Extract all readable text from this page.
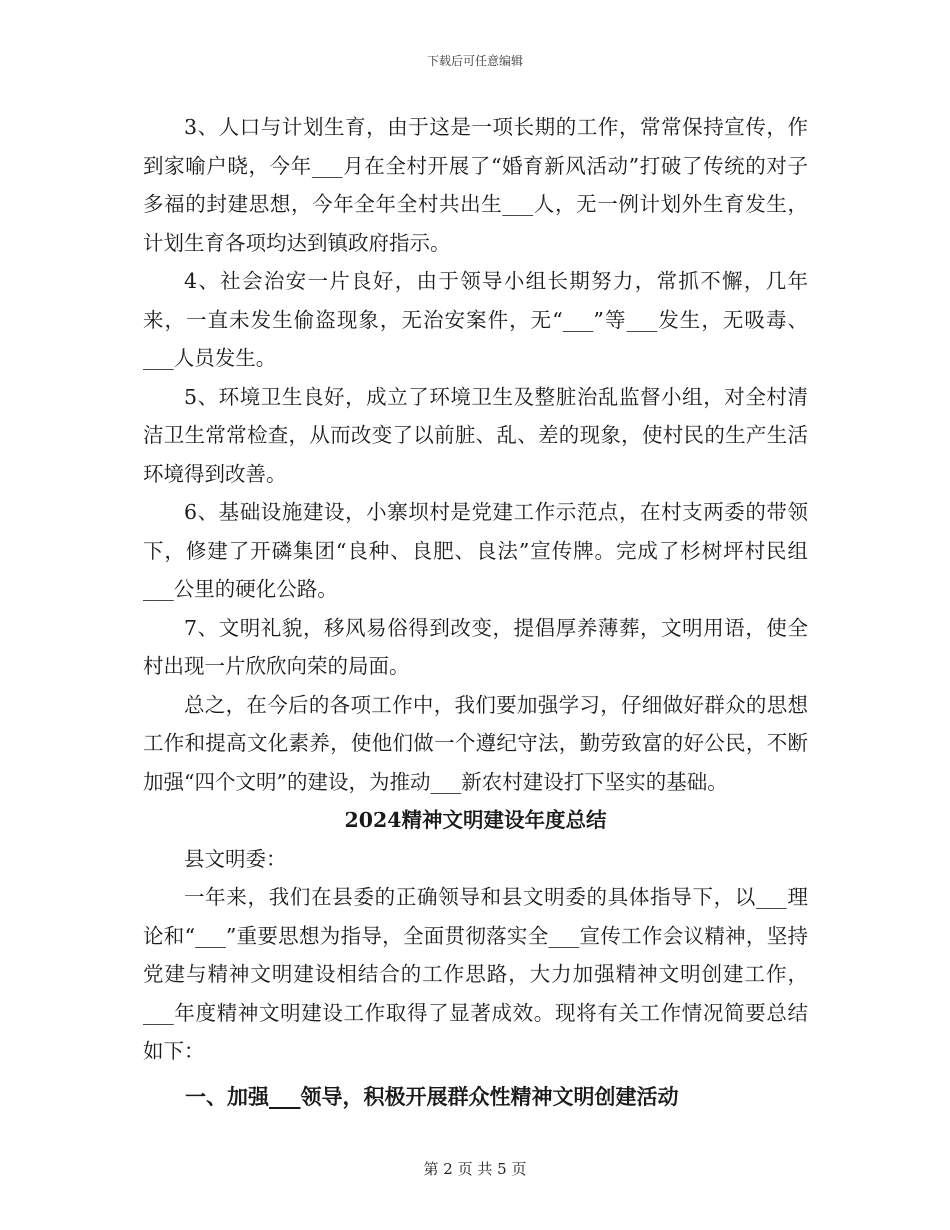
下载后可任意编辑

3、人口与计划生育，由于这是一项长期的工作，常常保持宣传，作到家喻户晓，今年___月在全村开展了“婚育新风活动”打破了传统的对子多福的封建思想，今年全年全村共出生___人，无一例计划外生育发生，计划生育各项均达到镇政府指示。

4、社会治安一片良好，由于领导小组长期努力，常抓不懈，几年来，一直未发生偷盗现象，无治安案件，无“___”等___发生，无吸毒、___人员发生。

5、环境卫生良好，成立了环境卫生及整脏治乱监督小组，对全村清洁卫生常常检查，从而改变了以前脏、乱、差的现象，使村民的生产生活环境得到改善。

6、基础设施建设，小寨坝村是党建工作示范点，在村支两委的带领下，修建了开磷集团“良种、良肥、良法”宣传牌。完成了杉树坪村民组___公里的硬化公路。

7、文明礼貌，移风易俗得到改变，提倡厚养薄葬，文明用语，使全村出现一片欣欣向荣的局面。

总之，在今后的各项工作中，我们要加强学习，仔细做好群众的思想工作和提高文化素养，使他们做一个遵纪守法，勤劳致富的好公民，不断加强“四个文明”的建设，为推动___新农村建设打下坚实的基础。

2024精神文明建设年度总结

县文明委：

一年来，我们在县委的正确领导和县文明委的具体指导下，以___理论和“___”重要思想为指导，全面贯彻落实全___宣传工作会议精神，坚持党建与精神文明建设相结合的工作思路，大力加强精神文明创建工作，___年度精神文明建设工作取得了显著成效。现将有关工作情况简要总结如下：

一、加强___领导，积极开展群众性精神文明创建活动
第 2 页 共 5 页
